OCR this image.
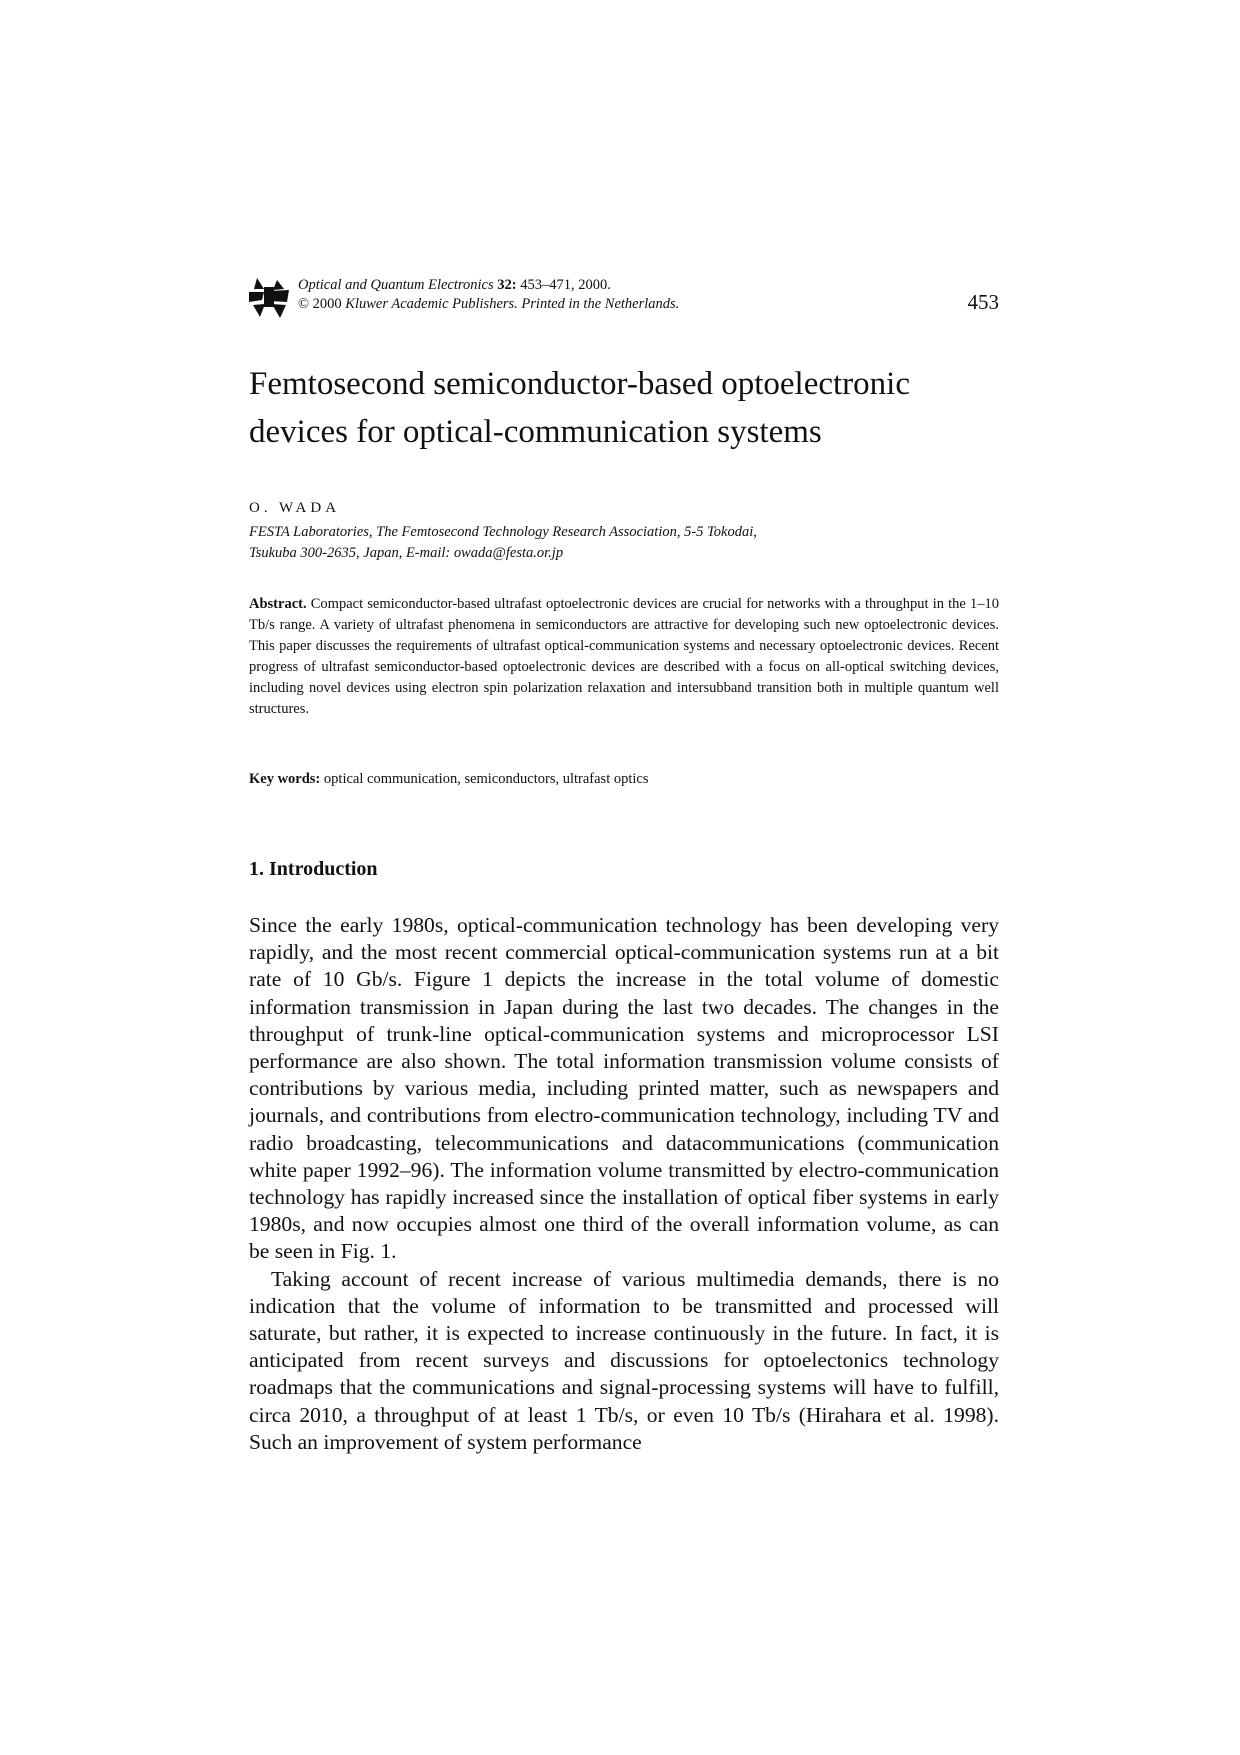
Optical and Quantum Electronics 32: 453–471, 2000.
© 2000 Kluwer Academic Publishers. Printed in the Netherlands.	453
Femtosecond semiconductor-based optoelectronic
devices for optical-communication systems
O. WADA
FESTA Laboratories, The Femtosecond Technology Research Association, 5-5 Tokodai,
Tsukuba 300-2635, Japan, E-mail: owada@festa.or.jp

Abstract. Compact semiconductor-based ultrafast optoelectronic devices are crucial for networks with a throughput in the 1–10 Tb/s range. A variety of ultrafast phenomena in semiconductors are attractive for developing such new optoelectronic devices. This paper discusses the requirements of ultrafast optical-communication systems and necessary optoelectronic devices. Recent progress of ultrafast semiconductor-based optoelectronic devices are described with a focus on all-optical switching devices, including novel devices using electron spin polarization relaxation and intersubband transition both in multiple quantum well structures.

Key words: optical communication, semiconductors, ultrafast optics
1. Introduction

Since the early 1980s, optical-communication technology has been developing very rapidly, and the most recent commercial optical-communication systems run at a bit rate of 10 Gb/s. Figure 1 depicts the increase in the total volume of domestic information transmission in Japan during the last two decades. The changes in the throughput of trunk-line optical-communication systems and microprocessor LSI performance are also shown. The total information transmission volume consists of contributions by various media, including printed matter, such as newspapers and journals, and contributions from electro-communication technology, including TV and radio broadcasting, telecommunications and datacommunications (communication white paper 1992–96). The information volume transmitted by electro-communication technology has rapidly increased since the installation of optical fiber systems in early 1980s, and now occupies almost one third of the overall information volume, as can be seen in Fig. 1.

Taking account of recent increase of various multimedia demands, there is no indication that the volume of information to be transmitted and processed will saturate, but rather, it is expected to increase continuously in the future. In fact, it is anticipated from recent surveys and discussions for optoelectonics technology roadmaps that the communications and signal-processing systems will have to fulfill, circa 2010, a throughput of at least 1 Tb/s, or even 10 Tb/s (Hirahara et al. 1998). Such an improvement of system performance
